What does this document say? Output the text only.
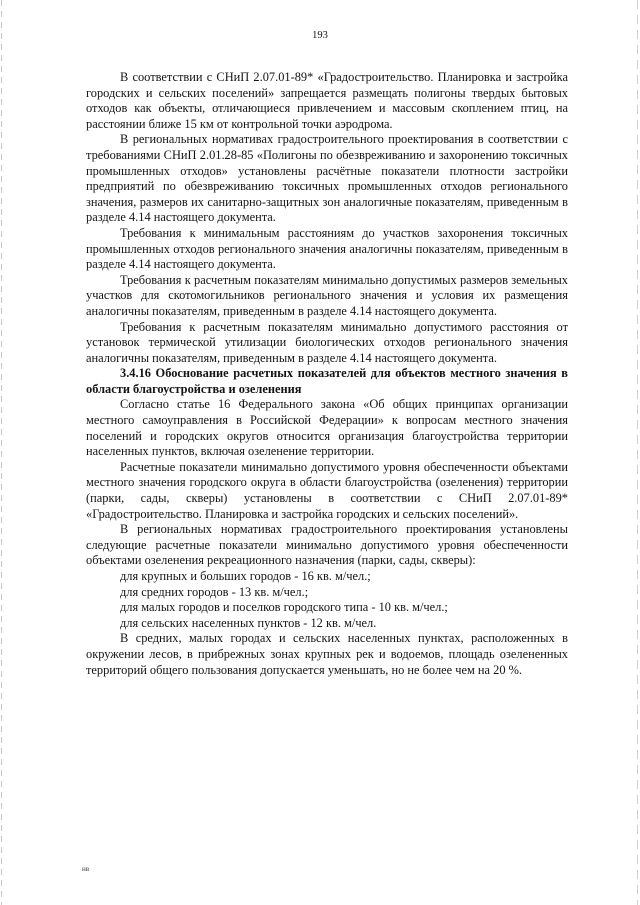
193

В соответствии с СНиП 2.07.01-89* «Градостроительство. Планировка и застройка городских и сельских поселений» запрещается размещать полигоны твердых бытовых отходов как объекты, отличающиеся привлечением и массовым скоплением птиц, на расстоянии ближе 15 км от контрольной точки аэродрома.

В региональных нормативах градостроительного проектирования в соответствии с требованиями СНиП 2.01.28-85 «Полигоны по обезвреживанию и захоронению токсичных промышленных отходов» установлены расчётные показатели плотности застройки предприятий по обезвреживанию токсичных промышленных отходов регионального значения, размеров их санитарно-защитных зон аналогичные показателям, приведенным в разделе 4.14 настоящего документа.

Требования к минимальным расстояниям до участков захоронения токсичных промышленных отходов регионального значения аналогичны показателям, приведенным в разделе 4.14 настоящего документа.

Требования к расчетным показателям минимально допустимых размеров земельных участков для скотомогильников регионального значения и условия их размещения аналогичны показателям, приведенным в разделе 4.14 настоящего документа.

Требования к расчетным показателям минимально допустимого расстояния от установок термической утилизации биологических отходов регионального значения аналогичны показателям, приведенным в разделе 4.14 настоящего документа.

3.4.16 Обоснование расчетных показателей для объектов местного значения в области благоустройства и озеленения

Согласно статье 16 Федерального закона «Об общих принципах организации местного самоуправления в Российской Федерации» к вопросам местного значения поселений и городских округов относится организация благоустройства территории населенных пунктов, включая озеленение территории.

Расчетные показатели минимально допустимого уровня обеспеченности объектами местного значения городского округа в области благоустройства (озеленения) территории (парки, сады, скверы) установлены в соответствии с СНиП 2.07.01-89* «Градостроительство. Планировка и застройка городских и сельских поселений».

В региональных нормативах градостроительного проектирования установлены следующие расчетные показатели минимально допустимого уровня обеспеченности объектами озеленения рекреационного назначения (парки, сады, скверы):

для крупных и больших городов - 16 кв. м/чел.;

для средних городов - 13 кв. м/чел.;

для малых городов и поселков городского типа - 10 кв. м/чел.;

для сельских населенных пунктов - 12 кв. м/чел.

В средних, малых городах и сельских населенных пунктах, расположенных в окружении лесов, в прибрежных зонах крупных рек и водоемов, площадь озелененных территорий общего пользования допускается уменьшать, но не более чем на 20 %.

нв
